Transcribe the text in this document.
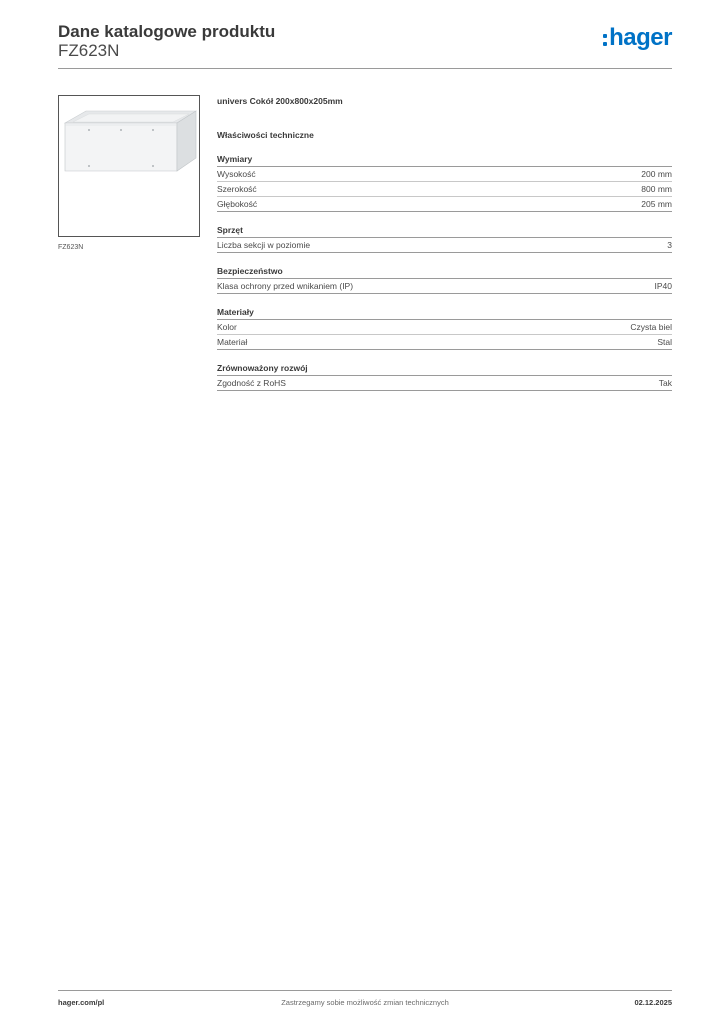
Dane katalogowe produktu
FZ623N	hager
FZ623N
univers Cokół 200x800x205mm
Właściwości techniczne
Wymiary
Wysokość	200 mm
Szerokość	800 mm
Głębokość	205 mm
Sprzęt
Liczba sekcji w poziomie	3
Bezpieczeństwo
Klasa ochrony przed wnikaniem (IP)	IP40
Materiały
Kolor	Czysta biel
Materiał	Stal
Zrównoważony rozwój
Zgodność z RoHS	Tak
hager.com/pl	Zastrzegamy sobie możliwość zmian technicznych	02.12.2025
